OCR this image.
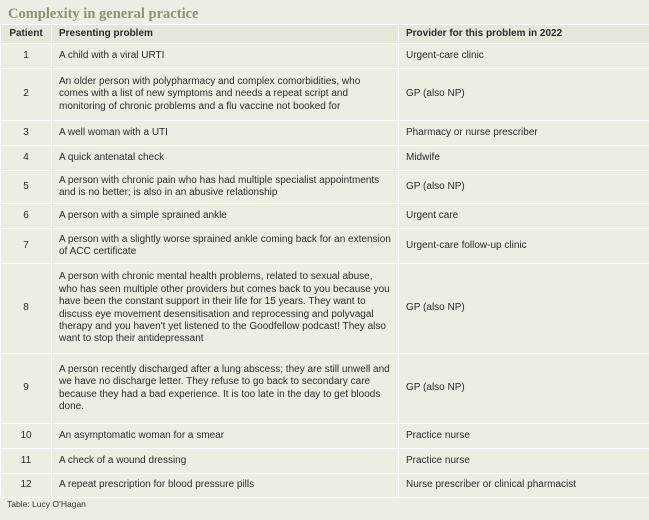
Complexity in general practice
Patient	Presenting problem	Provider for this problem in 2022
1	A child with a viral URTI	Urgent-care clinic
2	An older person with polypharmacy and complex comorbidities, who comes with a list of new symptoms and needs a repeat script and monitoring of chronic problems and a flu vaccine not booked for	GP (also NP)
3	A well woman with a UTI	Pharmacy or nurse prescriber
4	A quick antenatal check	Midwife
5	A person with chronic pain who has had multiple specialist appointments and is no better; is also in an abusive relationship	GP (also NP)
6	A person with a simple sprained ankle	Urgent care
7	A person with a slightly worse sprained ankle coming back for an extension of ACC certificate	Urgent-care follow-up clinic
8	A person with chronic mental health problems, related to sexual abuse, who has seen multiple other providers but comes back to you because you have been the constant support in their life for 15 years. They want to discuss eye movement desensitisation and reprocessing and polyvagal therapy and you haven't yet listened to the Goodfellow podcast! They also want to stop their antidepressant	GP (also NP)
9	A person recently discharged after a lung abscess; they are still unwell and we have no discharge letter. They refuse to go back to secondary care because they had a bad experience. It is too late in the day to get bloods done.	GP (also NP)
10	An asymptomatic woman for a smear	Practice nurse
11	A check of a wound dressing	Practice nurse
12	A repeat prescription for blood pressure pills	Nurse prescriber or clinical pharmacist
Table: Lucy O’Hagan
